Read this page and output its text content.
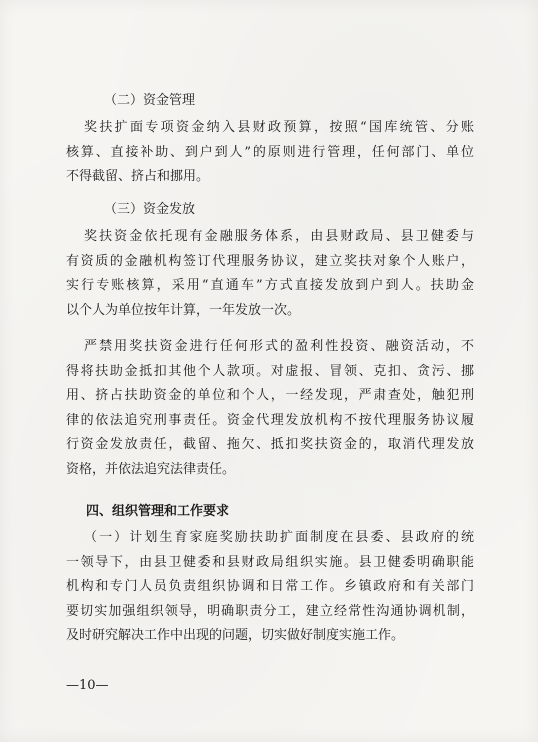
（二）资金管理
奖扶扩面专项资金纳入县财政预算，按照“国库统管、分账
核算、直接补助、到户到人”的原则进行管理，任何部门、单位
不得截留、挤占和挪用。
（三）资金发放
奖扶资金依托现有金融服务体系，由县财政局、县卫健委与
有资质的金融机构签订代理服务协议，建立奖扶对象个人账户，
实行专账核算，采用“直通车”方式直接发放到户到人。扶助金
以个人为单位按年计算，一年发放一次。
严禁用奖扶资金进行任何形式的盈利性投资、融资活动，不
得将扶助金抵扣其他个人款项。对虚报、冒领、克扣、贪污、挪
用、挤占扶助资金的单位和个人，一经发现，严肃查处，触犯刑
律的依法追究刑事责任。资金代理发放机构不按代理服务协议履
行资金发放责任，截留、拖欠、抵扣奖扶资金的，取消代理发放
资格，并依法追究法律责任。
四、组织管理和工作要求
（一）计划生育家庭奖励扶助扩面制度在县委、县政府的统
一领导下，由县卫健委和县财政局组织实施。县卫健委明确职能
机构和专门人员负责组织协调和日常工作。乡镇政府和有关部门
要切实加强组织领导，明确职责分工，建立经常性沟通协调机制，
及时研究解决工作中出现的问题，切实做好制度实施工作。
—10—
